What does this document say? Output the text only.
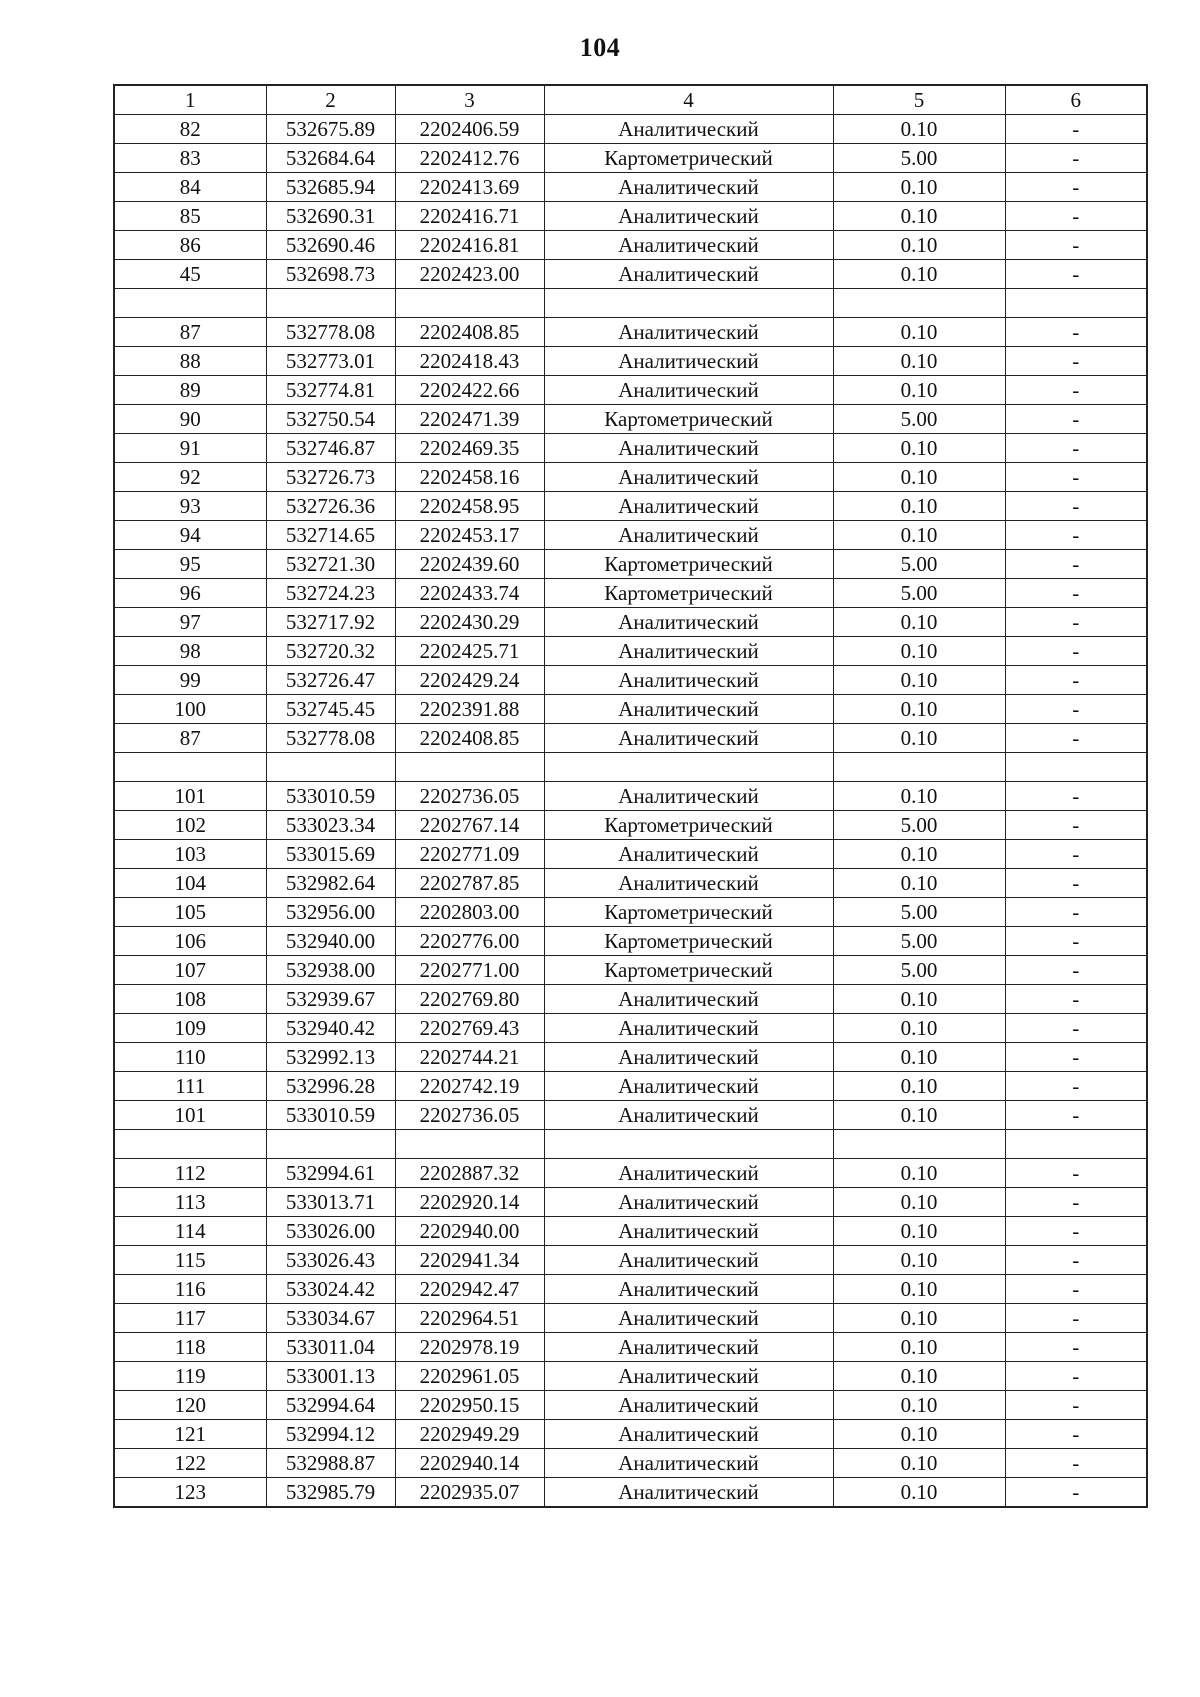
104
1	2	3	4	5	6
82	532675.89	2202406.59	Аналитический	0.10	-
83	532684.64	2202412.76	Картометрический	5.00	-
84	532685.94	2202413.69	Аналитический	0.10	-
85	532690.31	2202416.71	Аналитический	0.10	-
86	532690.46	2202416.81	Аналитический	0.10	-
45	532698.73	2202423.00	Аналитический	0.10	-

87	532778.08	2202408.85	Аналитический	0.10	-
88	532773.01	2202418.43	Аналитический	0.10	-
89	532774.81	2202422.66	Аналитический	0.10	-
90	532750.54	2202471.39	Картометрический	5.00	-
91	532746.87	2202469.35	Аналитический	0.10	-
92	532726.73	2202458.16	Аналитический	0.10	-
93	532726.36	2202458.95	Аналитический	0.10	-
94	532714.65	2202453.17	Аналитический	0.10	-
95	532721.30	2202439.60	Картометрический	5.00	-
96	532724.23	2202433.74	Картометрический	5.00	-
97	532717.92	2202430.29	Аналитический	0.10	-
98	532720.32	2202425.71	Аналитический	0.10	-
99	532726.47	2202429.24	Аналитический	0.10	-
100	532745.45	2202391.88	Аналитический	0.10	-
87	532778.08	2202408.85	Аналитический	0.10	-

101	533010.59	2202736.05	Аналитический	0.10	-
102	533023.34	2202767.14	Картометрический	5.00	-
103	533015.69	2202771.09	Аналитический	0.10	-
104	532982.64	2202787.85	Аналитический	0.10	-
105	532956.00	2202803.00	Картометрический	5.00	-
106	532940.00	2202776.00	Картометрический	5.00	-
107	532938.00	2202771.00	Картометрический	5.00	-
108	532939.67	2202769.80	Аналитический	0.10	-
109	532940.42	2202769.43	Аналитический	0.10	-
110	532992.13	2202744.21	Аналитический	0.10	-
111	532996.28	2202742.19	Аналитический	0.10	-
101	533010.59	2202736.05	Аналитический	0.10	-

112	532994.61	2202887.32	Аналитический	0.10	-
113	533013.71	2202920.14	Аналитический	0.10	-
114	533026.00	2202940.00	Аналитический	0.10	-
115	533026.43	2202941.34	Аналитический	0.10	-
116	533024.42	2202942.47	Аналитический	0.10	-
117	533034.67	2202964.51	Аналитический	0.10	-
118	533011.04	2202978.19	Аналитический	0.10	-
119	533001.13	2202961.05	Аналитический	0.10	-
120	532994.64	2202950.15	Аналитический	0.10	-
121	532994.12	2202949.29	Аналитический	0.10	-
122	532988.87	2202940.14	Аналитический	0.10	-
123	532985.79	2202935.07	Аналитический	0.10	-
